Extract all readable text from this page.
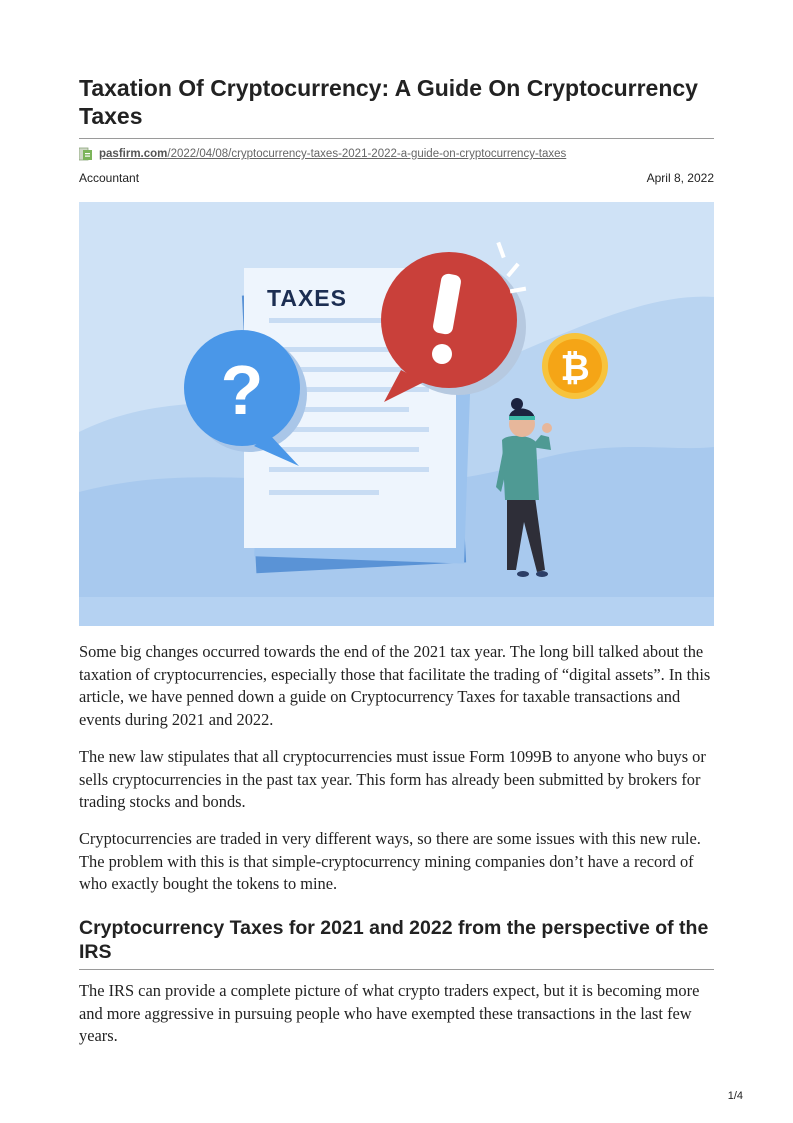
Taxation Of Cryptocurrency: A Guide On Cryptocurrency Taxes
pasfirm.com/2022/04/08/cryptocurrency-taxes-2021-2022-a-guide-on-cryptocurrency-taxes
Accountant	April 8, 2022
TAXES
?	₿

Some big changes occurred towards the end of the 2021 tax year. The long bill talked about the taxation of cryptocurrencies, especially those that facilitate the trading of “digital assets”. In this article, we have penned down a guide on Cryptocurrency Taxes for taxable transactions and events during 2021 and 2022.

The new law stipulates that all cryptocurrencies must issue Form 1099B to anyone who buys or sells cryptocurrencies in the past tax year. This form has already been submitted by brokers for trading stocks and bonds.

Cryptocurrencies are traded in very different ways, so there are some issues with this new rule. The problem with this is that simple-cryptocurrency mining companies don’t have a record of who exactly bought the tokens to mine.

Cryptocurrency Taxes for 2021 and 2022 from the perspective of the IRS

The IRS can provide a complete picture of what crypto traders expect, but it is becoming more and more aggressive in pursuing people who have exempted these transactions in the last few years.

1/4
